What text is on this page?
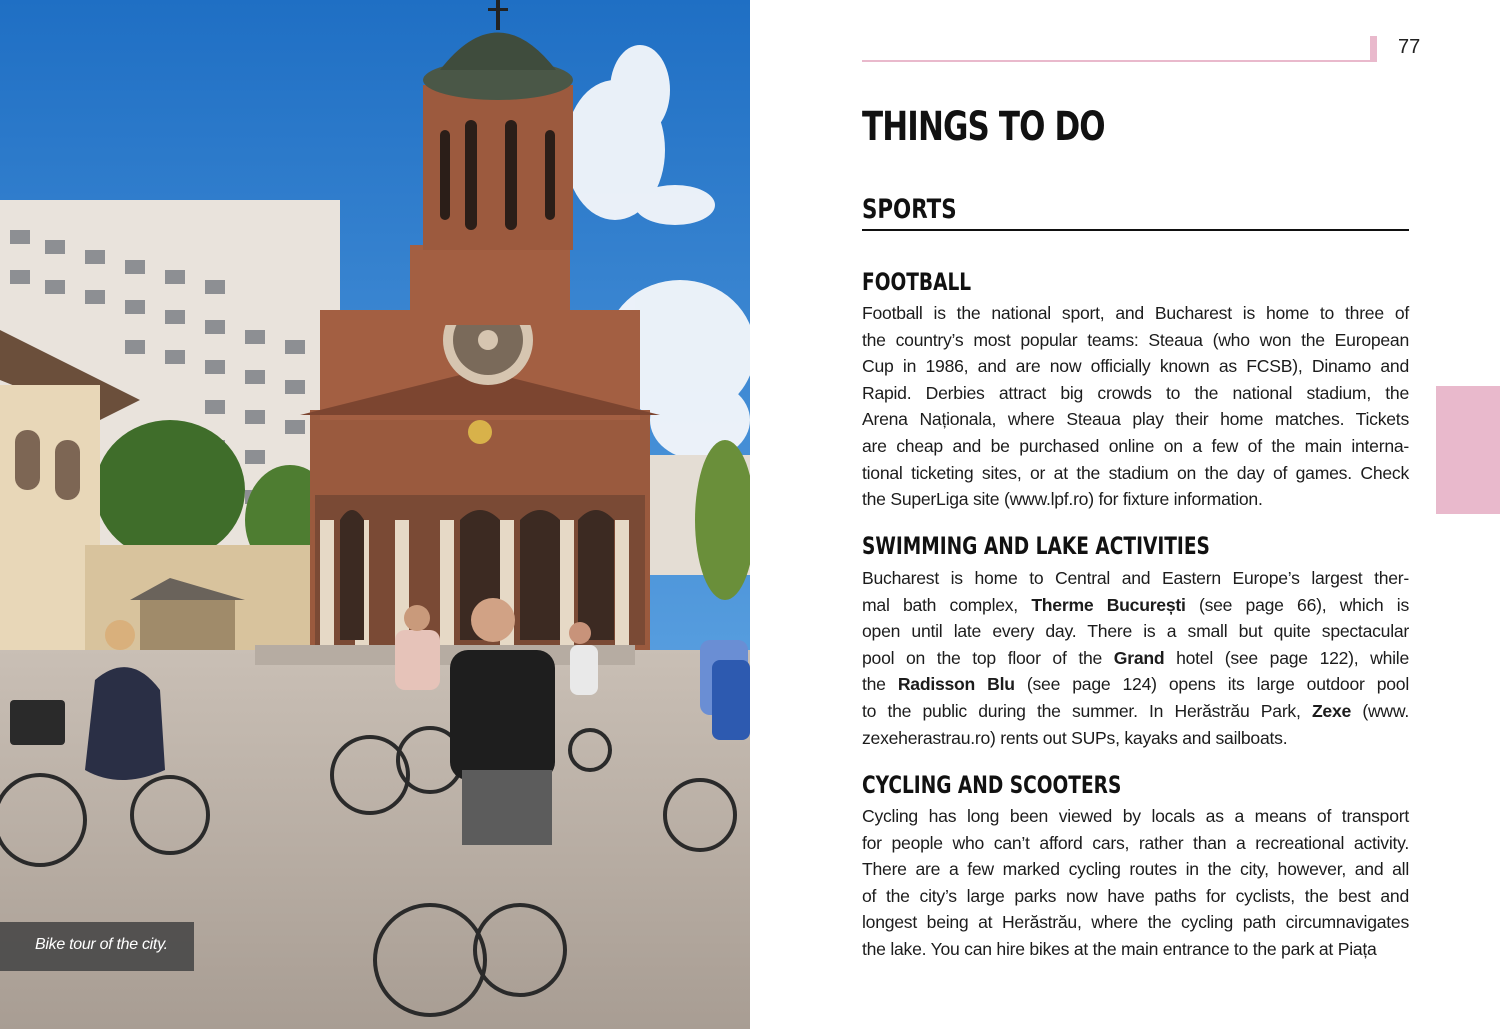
Bike tour of the city.
77
THINGS TO DO
SPORTS
FOOTBALL
Football is the national sport, and Bucharest is home to three of
the country’s most popular teams: Steaua (who won the European
Cup in 1986, and are now officially known as FCSB), Dinamo and
Rapid. Derbies attract big crowds to the national stadium, the
Arena Naționala, where Steaua play their home matches. Tickets
are cheap and be purchased online on a few of the main interna-
tional ticketing sites, or at the stadium on the day of games. Check
the SuperLiga site (www.lpf.ro) for fixture information.
SWIMMING AND LAKE ACTIVITIES
Bucharest is home to Central and Eastern Europe’s largest ther-
mal bath complex, Therme București (see page 66), which is
open until late every day. There is a small but quite spectacular
pool on the top floor of the Grand hotel (see page 122), while
the Radisson Blu (see page 124) opens its large outdoor pool
to the public during the summer. In Herăstrău Park, Zexe (www.
zexeherastrau.ro) rents out SUPs, kayaks and sailboats.
CYCLING AND SCOOTERS
Cycling has long been viewed by locals as a means of transport
for people who can’t afford cars, rather than a recreational activity.
There are a few marked cycling routes in the city, however, and all
of the city’s large parks now have paths for cyclists, the best and
longest being at Herăstrău, where the cycling path circumnavigates
the lake. You can hire bikes at the main entrance to the park at Piața
